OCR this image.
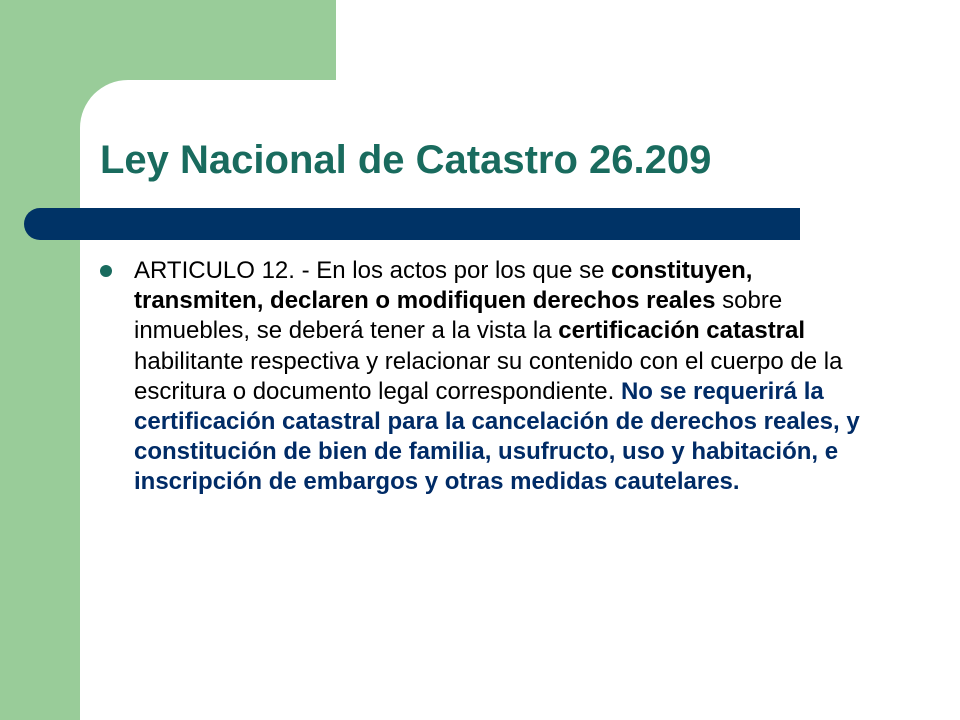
Ley Nacional de Catastro 26.209
ARTICULO 12. - En los actos por los que se constituyen, transmiten, declaren o modifiquen derechos reales sobre inmuebles, se deberá tener a la vista la certificación catastral habilitante respectiva y relacionar su contenido con el cuerpo de la escritura o documento legal correspondiente. No se requerirá la certificación catastral para la cancelación de derechos reales, y constitución de bien de familia, usufructo, uso y habitación, e inscripción de embargos y otras medidas cautelares.
